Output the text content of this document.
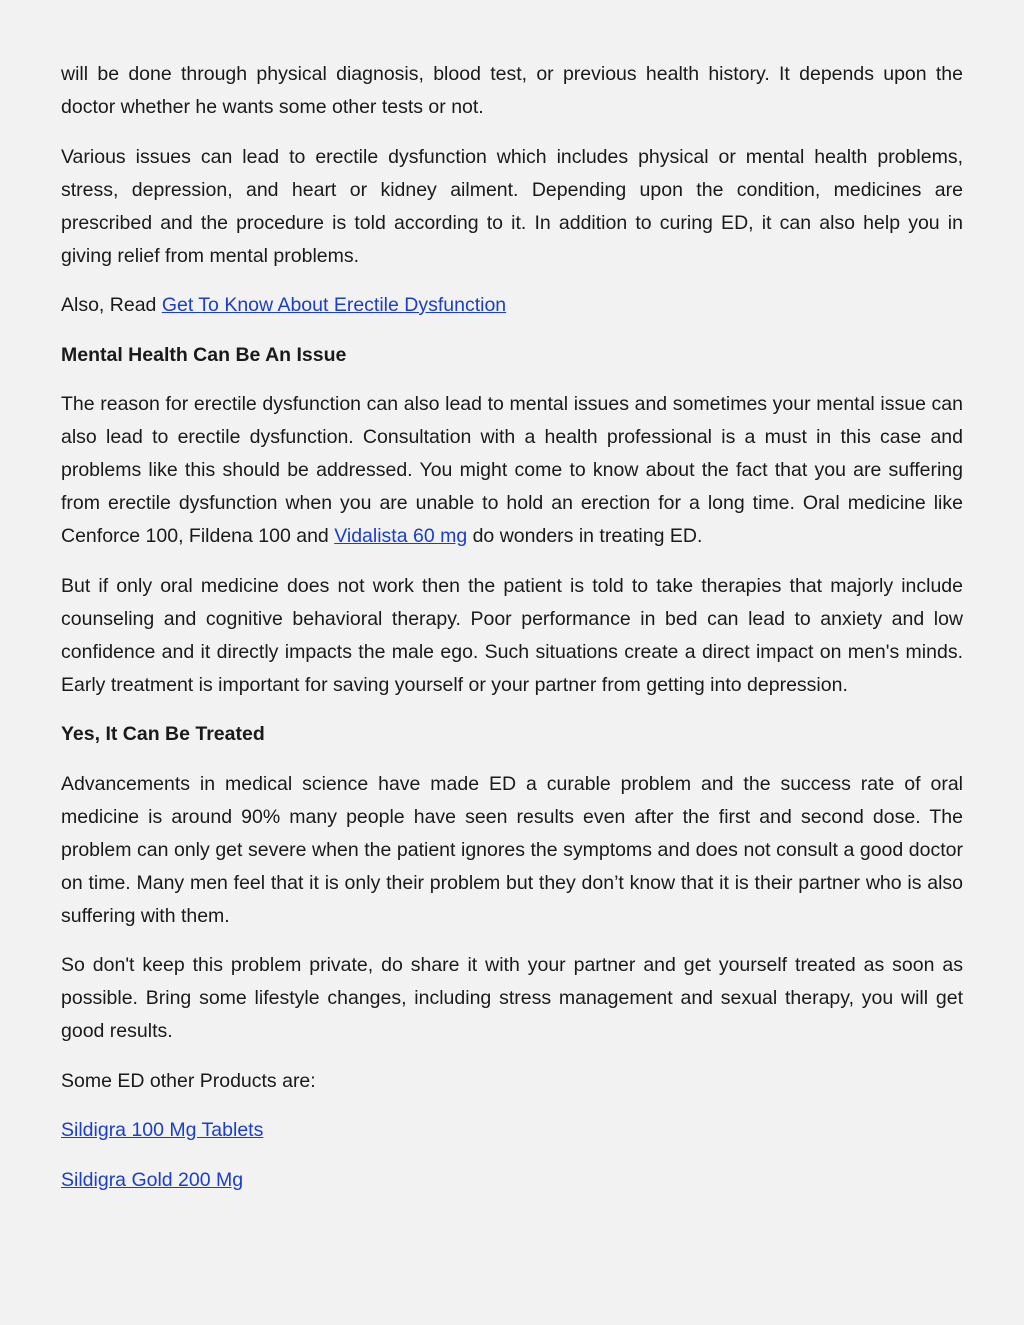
will be done through physical diagnosis, blood test, or previous health history. It depends upon the doctor whether he wants some other tests or not.

Various issues can lead to erectile dysfunction which includes physical or mental health problems, stress, depression, and heart or kidney ailment. Depending upon the condition, medicines are prescribed and the procedure is told according to it. In addition to curing ED, it can also help you in giving relief from mental problems.

Also, Read Get To Know About Erectile Dysfunction

Mental Health Can Be An Issue

The reason for erectile dysfunction can also lead to mental issues and sometimes your mental issue can also lead to erectile dysfunction. Consultation with a health professional is a must in this case and problems like this should be addressed. You might come to know about the fact that you are suffering from erectile dysfunction when you are unable to hold an erection for a long time. Oral medicine like Cenforce 100, Fildena 100 and Vidalista 60 mg do wonders in treating ED.

But if only oral medicine does not work then the patient is told to take therapies that majorly include counseling and cognitive behavioral therapy. Poor performance in bed can lead to anxiety and low confidence and it directly impacts the male ego. Such situations create a direct impact on men's minds. Early treatment is important for saving yourself or your partner from getting into depression.

Yes, It Can Be Treated

Advancements in medical science have made ED a curable problem and the success rate of oral medicine is around 90% many people have seen results even after the first and second dose. The problem can only get severe when the patient ignores the symptoms and does not consult a good doctor on time. Many men feel that it is only their problem but they don’t know that it is their partner who is also suffering with them.

So don't keep this problem private, do share it with your partner and get yourself treated as soon as possible. Bring some lifestyle changes, including stress management and sexual therapy, you will get good results.

Some ED other Products are:

Sildigra 100 Mg Tablets

Sildigra Gold 200 Mg
